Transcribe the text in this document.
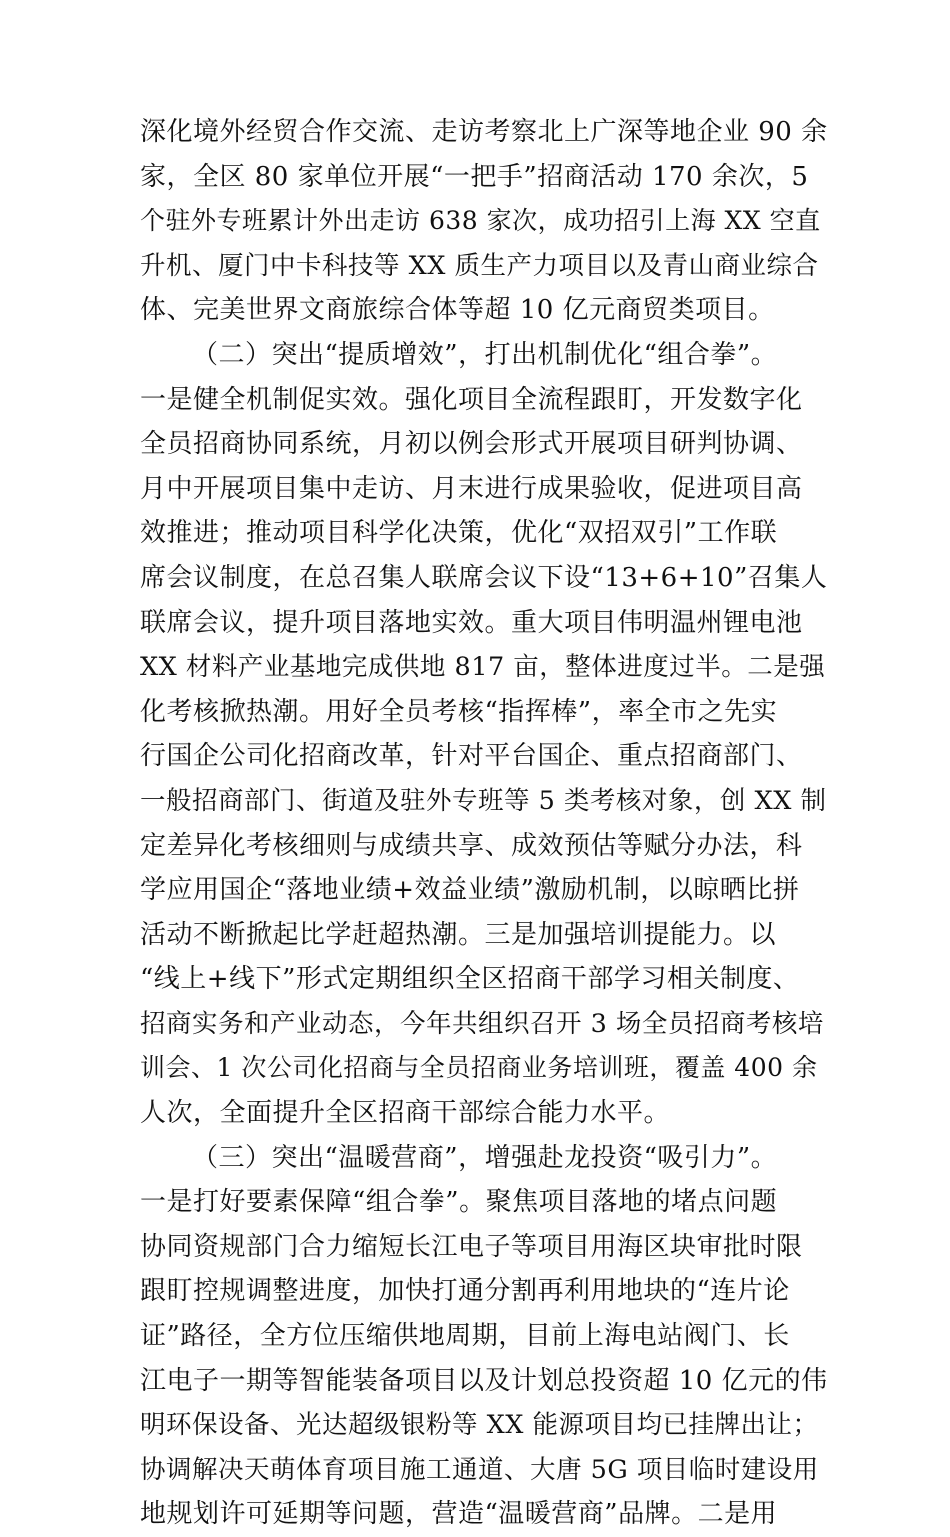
深化境外经贸合作交流、走访考察北上广深等地企业 90 余
家，全区 80 家单位开展“一把手”招商活动 170 余次，5
个驻外专班累计外出走访 638 家次，成功招引上海 XX 空直
升机、厦门中卡科技等 XX 质生产力项目以及青山商业综合
体、完美世界文商旅综合体等超 10 亿元商贸类项目。
（二）突出“提质增效”，打出机制优化“组合拳”。
一是健全机制促实效。强化项目全流程跟盯，开发数字化
全员招商协同系统，月初以例会形式开展项目研判协调、
月中开展项目集中走访、月末进行成果验收，促进项目高
效推进；推动项目科学化决策，优化“双招双引”工作联
席会议制度，在总召集人联席会议下设“13+6+10”召集人
联席会议，提升项目落地实效。重大项目伟明温州锂电池
XX 材料产业基地完成供地 817 亩，整体进度过半。二是强
化考核掀热潮。用好全员考核“指挥棒”，率全市之先实
行国企公司化招商改革，针对平台国企、重点招商部门、
一般招商部门、街道及驻外专班等 5 类考核对象，创 XX 制
定差异化考核细则与成绩共享、成效预估等赋分办法，科
学应用国企“落地业绩+效益业绩”激励机制，以晾晒比拼
活动不断掀起比学赶超热潮。三是加强培训提能力。以
“线上+线下”形式定期组织全区招商干部学习相关制度、
招商实务和产业动态，今年共组织召开 3 场全员招商考核培
训会、1 次公司化招商与全员招商业务培训班，覆盖 400 余
人次，全面提升全区招商干部综合能力水平。
（三）突出“温暖营商”，增强赴龙投资“吸引力”。
一是打好要素保障“组合拳”。聚焦项目落地的堵点问题
协同资规部门合力缩短长江电子等项目用海区块审批时限
跟盯控规调整进度，加快打通分割再利用地块的“连片论
证”路径，全方位压缩供地周期，目前上海电站阀门、长
江电子一期等智能装备项目以及计划总投资超 10 亿元的伟
明环保设备、光达超级银粉等 XX 能源项目均已挂牌出让；
协调解决天萌体育项目施工通道、大唐 5G 项目临时建设用
地规划许可延期等问题，营造“温暖营商”品牌。二是用
